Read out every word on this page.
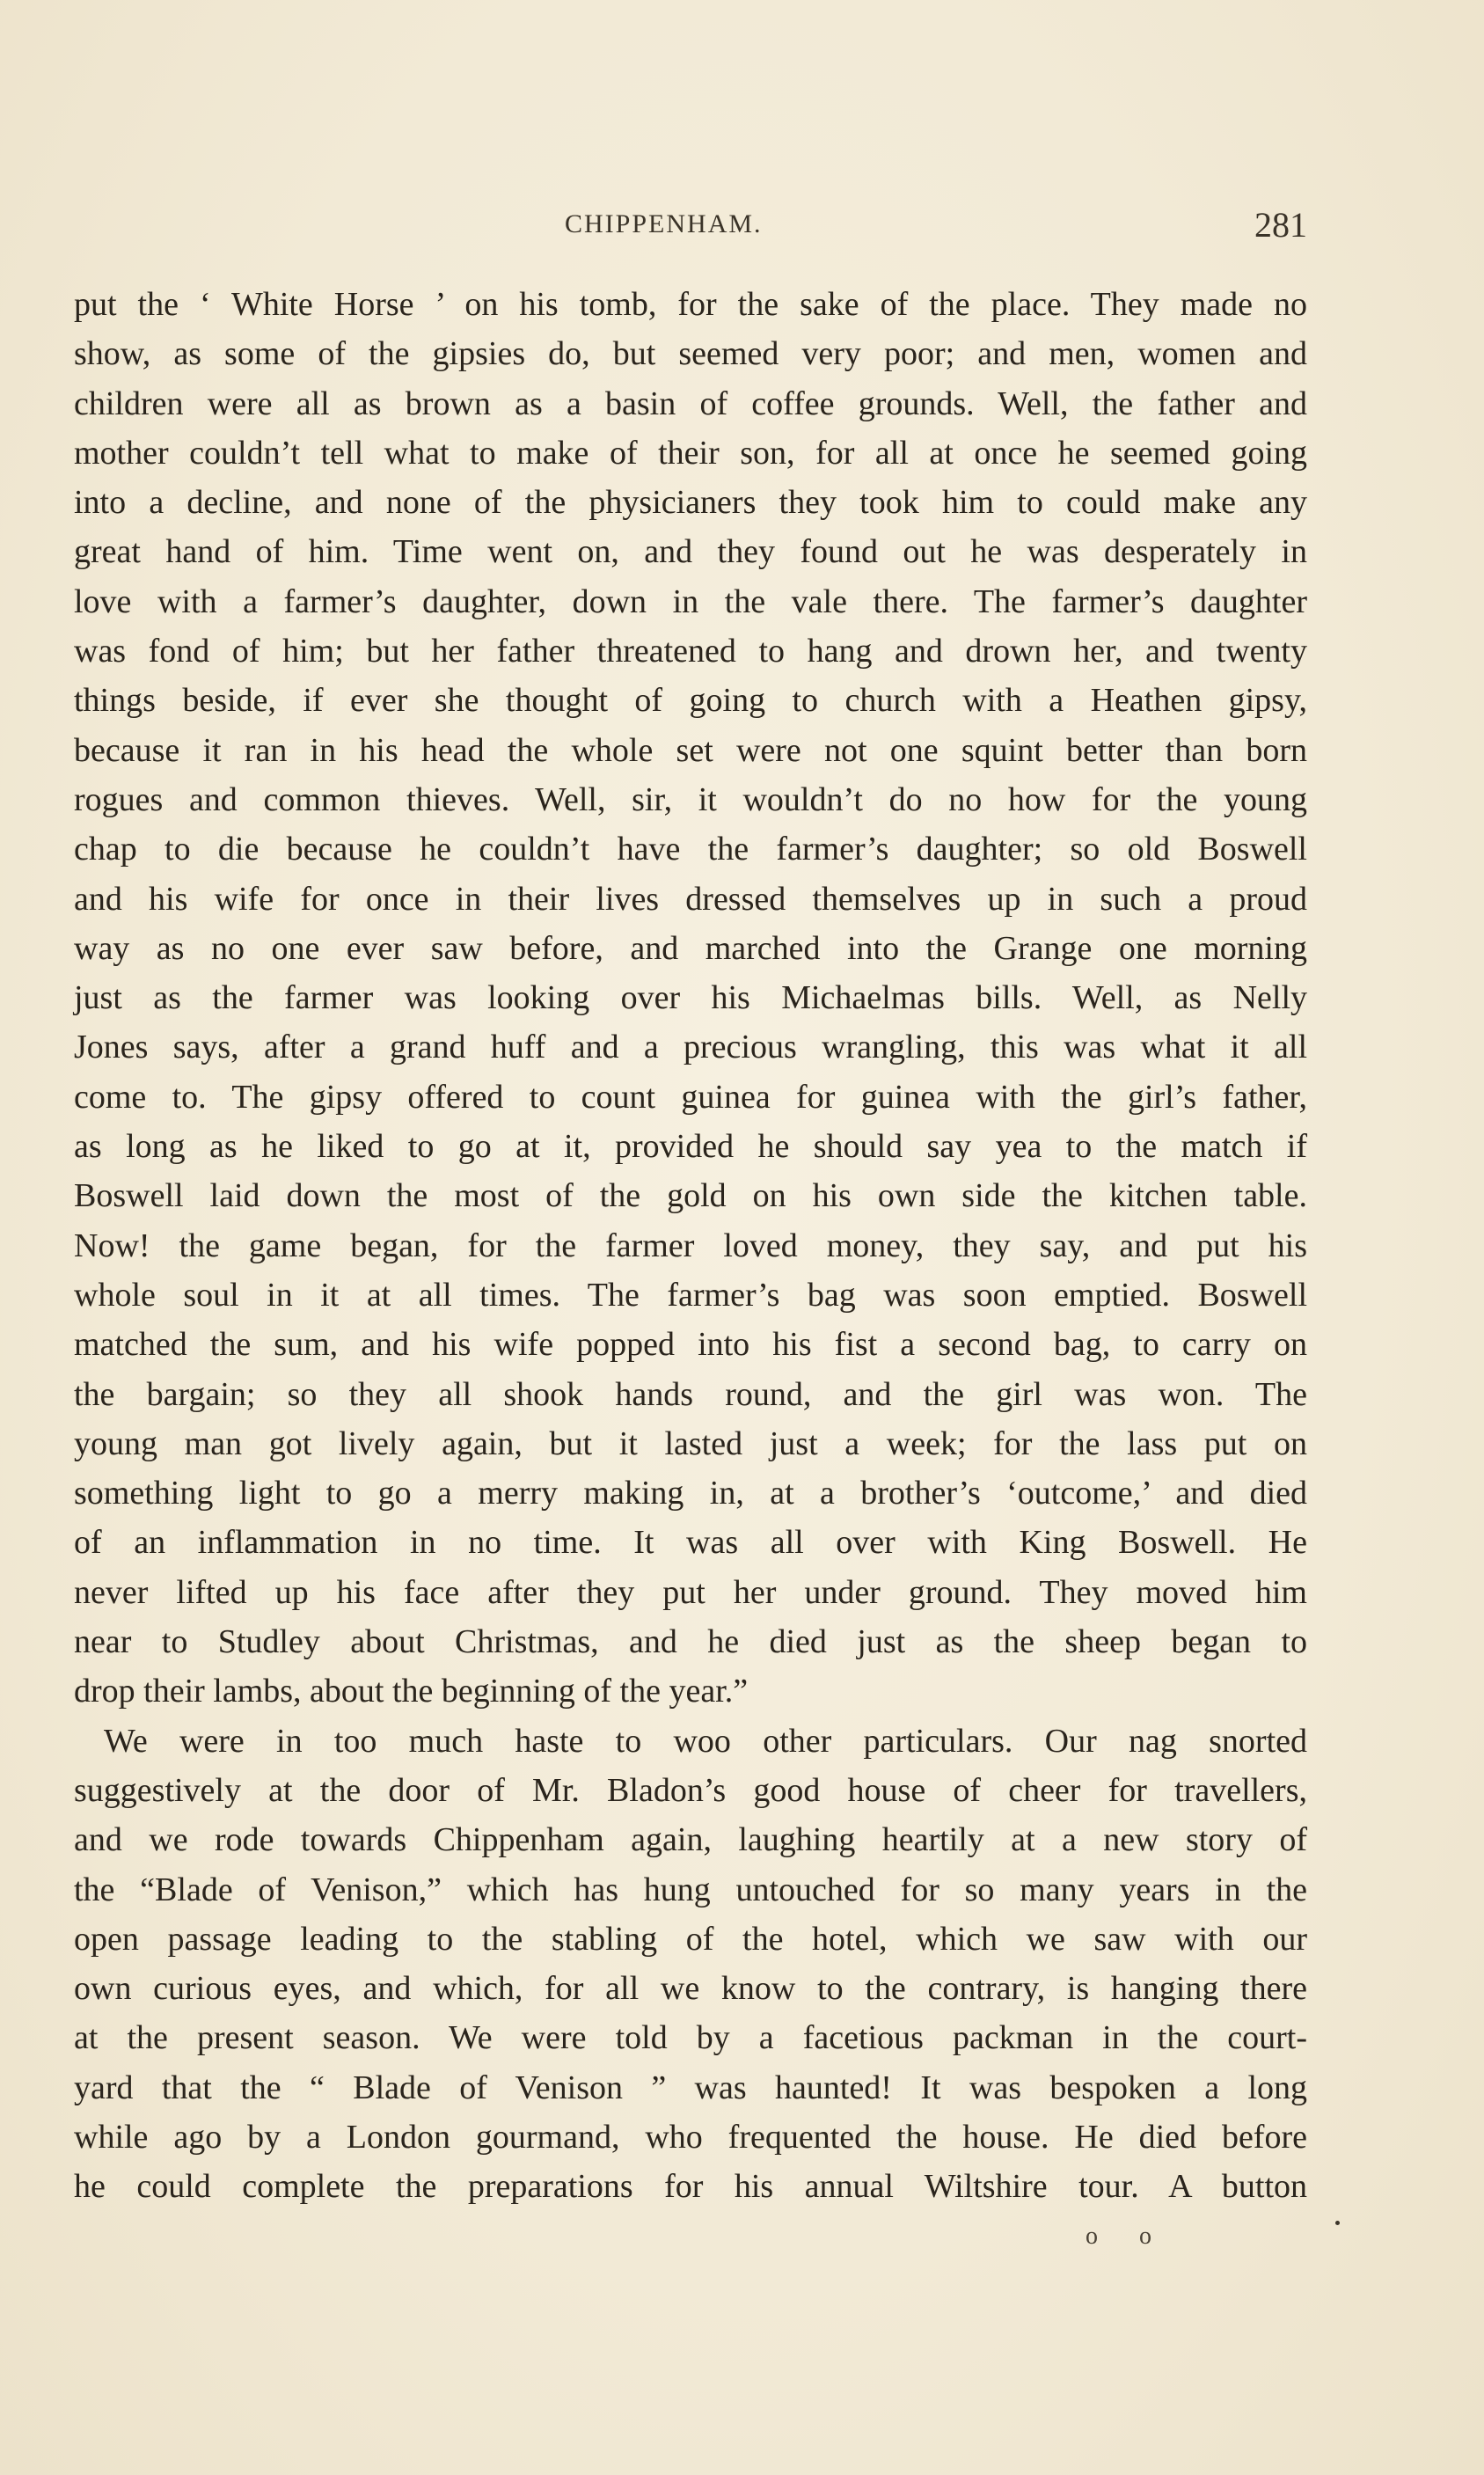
CHIPPENHAM.	281
put the ‘ White Horse ’ on his tomb, for the sake of the place. They made no
show, as some of the gipsies do, but seemed very poor; and men, women and
children were all as brown as a basin of coffee grounds. Well, the father and
mother couldn’t tell what to make of their son, for all at once he seemed going
into a decline, and none of the physicianers they took him to could make any
great hand of him. Time went on, and they found out he was desperately in
love with a farmer’s daughter, down in the vale there. The farmer’s daughter
was fond of him; but her father threatened to hang and drown her, and twenty
things beside, if ever she thought of going to church with a Heathen gipsy,
because it ran in his head the whole set were not one squint better than born
rogues and common thieves. Well, sir, it wouldn’t do no how for the young
chap to die because he couldn’t have the farmer’s daughter; so old Boswell
and his wife for once in their lives dressed themselves up in such a proud
way as no one ever saw before, and marched into the Grange one morning
just as the farmer was looking over his Michaelmas bills. Well, as Nelly
Jones says, after a grand huff and a precious wrangling, this was what it all
come to. The gipsy offered to count guinea for guinea with the girl’s father,
as long as he liked to go at it, provided he should say yea to the match if
Boswell laid down the most of the gold on his own side the kitchen table.
Now! the game began, for the farmer loved money, they say, and put his
whole soul in it at all times. The farmer’s bag was soon emptied. Boswell
matched the sum, and his wife popped into his fist a second bag, to carry on
the bargain; so they all shook hands round, and the girl was won. The
young man got lively again, but it lasted just a week; for the lass put on
something light to go a merry making in, at a brother’s ‘outcome,’ and died
of an inflammation in no time. It was all over with King Boswell. He
never lifted up his face after they put her under ground. They moved him
near to Studley about Christmas, and he died just as the sheep began to
drop their lambs, about the beginning of the year.”
We were in too much haste to woo other particulars. Our nag snorted
suggestively at the door of Mr. Bladon’s good house of cheer for travellers,
and we rode towards Chippenham again, laughing heartily at a new story of
the “Blade of Venison,” which has hung untouched for so many years in the
open passage leading to the stabling of the hotel, which we saw with our
own curious eyes, and which, for all we know to the contrary, is hanging there
at the present season. We were told by a facetious packman in the court-
yard that the “ Blade of Venison ” was haunted! It was bespoken a long
while ago by a London gourmand, who frequented the house. He died before
he could complete the preparations for his annual Wiltshire tour. A button
o o
